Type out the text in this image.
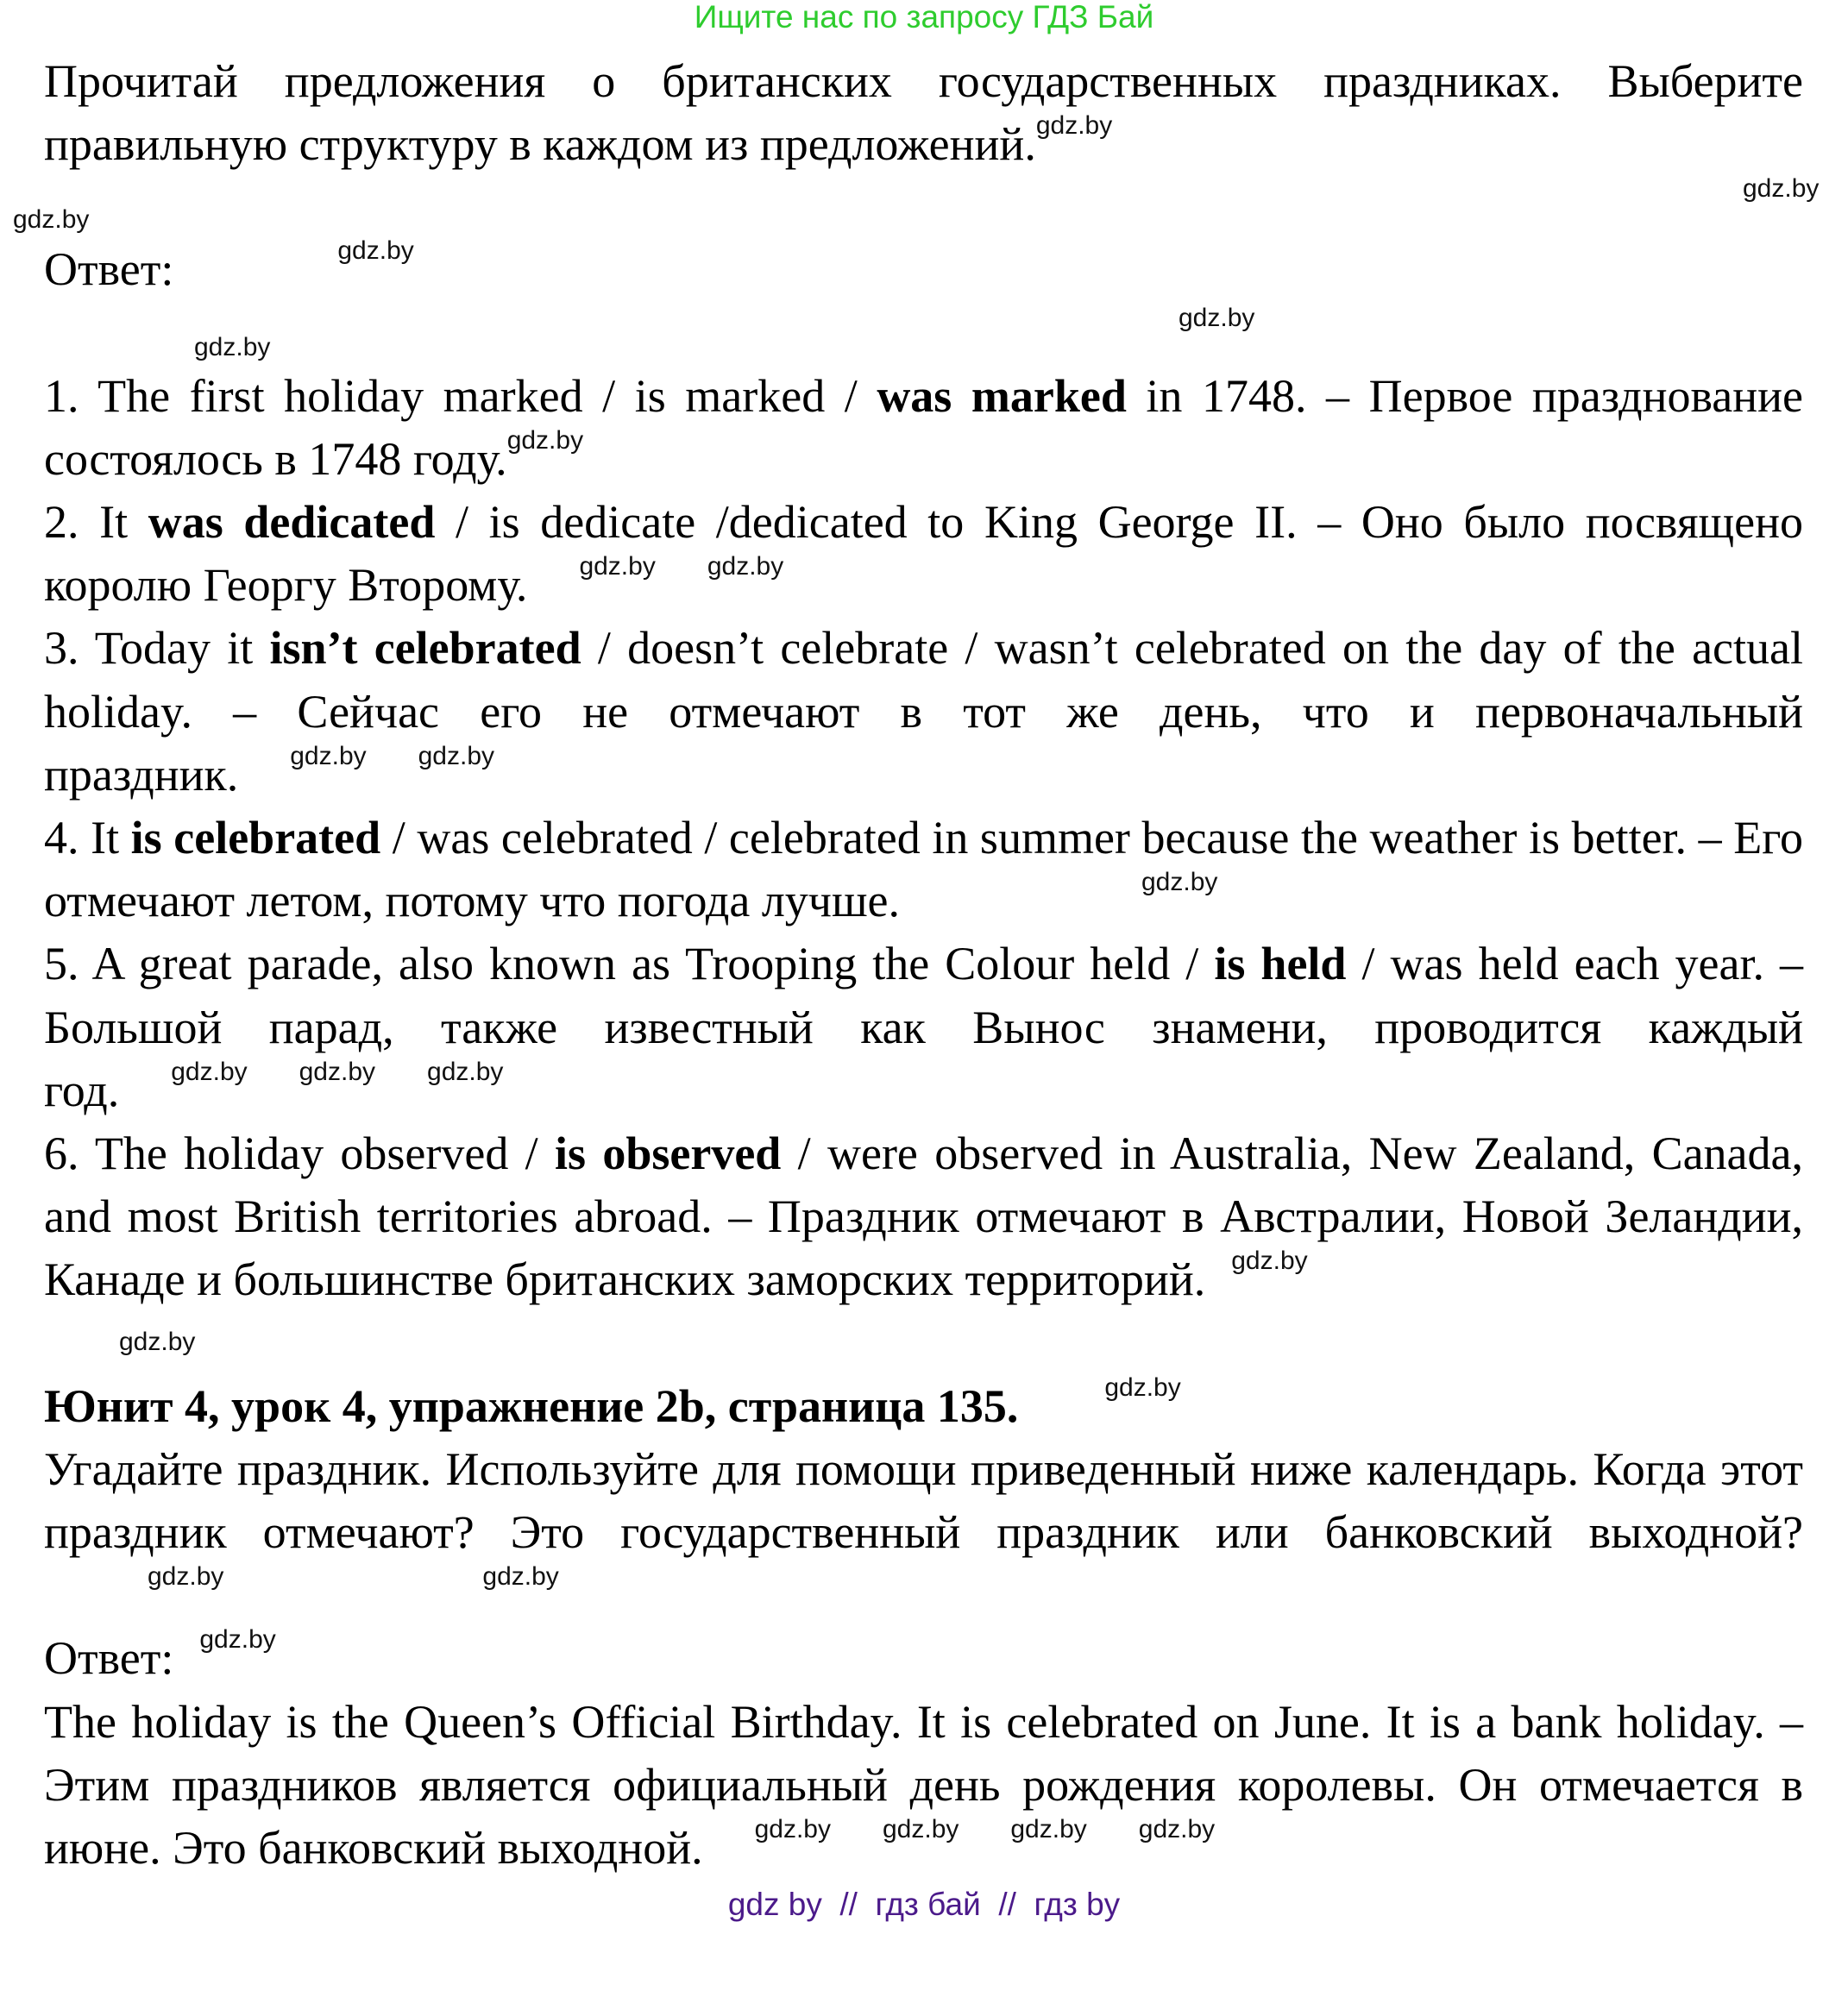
Ищите нас по запросу ГДЗ Бай

Прочитай предложения о британских государственных праздниках. Выберите правильную структуру в каждом из предложений.$^{gdz.by}$

gdz.by
gdz.by
Ответ:	$^{gdz.by}$
gdz.by
gdz.by

1. The first holiday marked / is marked / was marked in 1748. – Первое празднование состоялось в 1748 году.$^{gdz.by}$

2. It was dedicated / is dedicate /dedicated to King George II. – Оно было посвящено королю Георгу Второму. $^{gdz.by}$ $^{gdz.by}$

3. Today it isn’t celebrated / doesn’t celebrate / wasn’t celebrated on the day of the actual holiday. – Сейчас его не отмечают в тот же день, что и первоначальный праздник. $^{gdz.by}$ $^{gdz.by}$

4. It is celebrated / was celebrated / celebrated in summer because the weather is better. – Его отмечают летом, потому что погода лучше.	$^{gdz.by}$

5. A great parade, also known as Trooping the Colour held / is held / was held each year. – Большой парад, также известный как Вынос знамени, проводится каждый год. $^{gdz.by}$ $^{gdz.by}$ $^{gdz.by}$

6. The holiday observed / is observed / were observed in Australia, New Zealand, Canada, and most British territories abroad. – Праздник отмечают в Австралии, Новой Зеландии, Канаде и большинстве британских заморских территорий. $^{gdz.by}$

gdz.by

Юнит 4, урок 4, упражнение 2b, страница 135.	$^{gdz.by}$

Угадайте праздник. Используйте для помощи приведенный ниже календарь. Когда этот праздник отмечают? Это государственный праздник или банковский выходной?$^{gdz.by}$	$^{gdz.by}$

Ответ: $^{gdz.by}$

The holiday is the Queen’s Official Birthday. It is celebrated on June. It is a bank holiday. – Этим праздников является официальный день рождения королевы. Он отмечается в июне. Это банковский выходной. $^{gdz.by}$ $^{gdz.by}$ $^{gdz.by}$ $^{gdz.by}$

gdz by  //  гдз бай  //  гдз by
